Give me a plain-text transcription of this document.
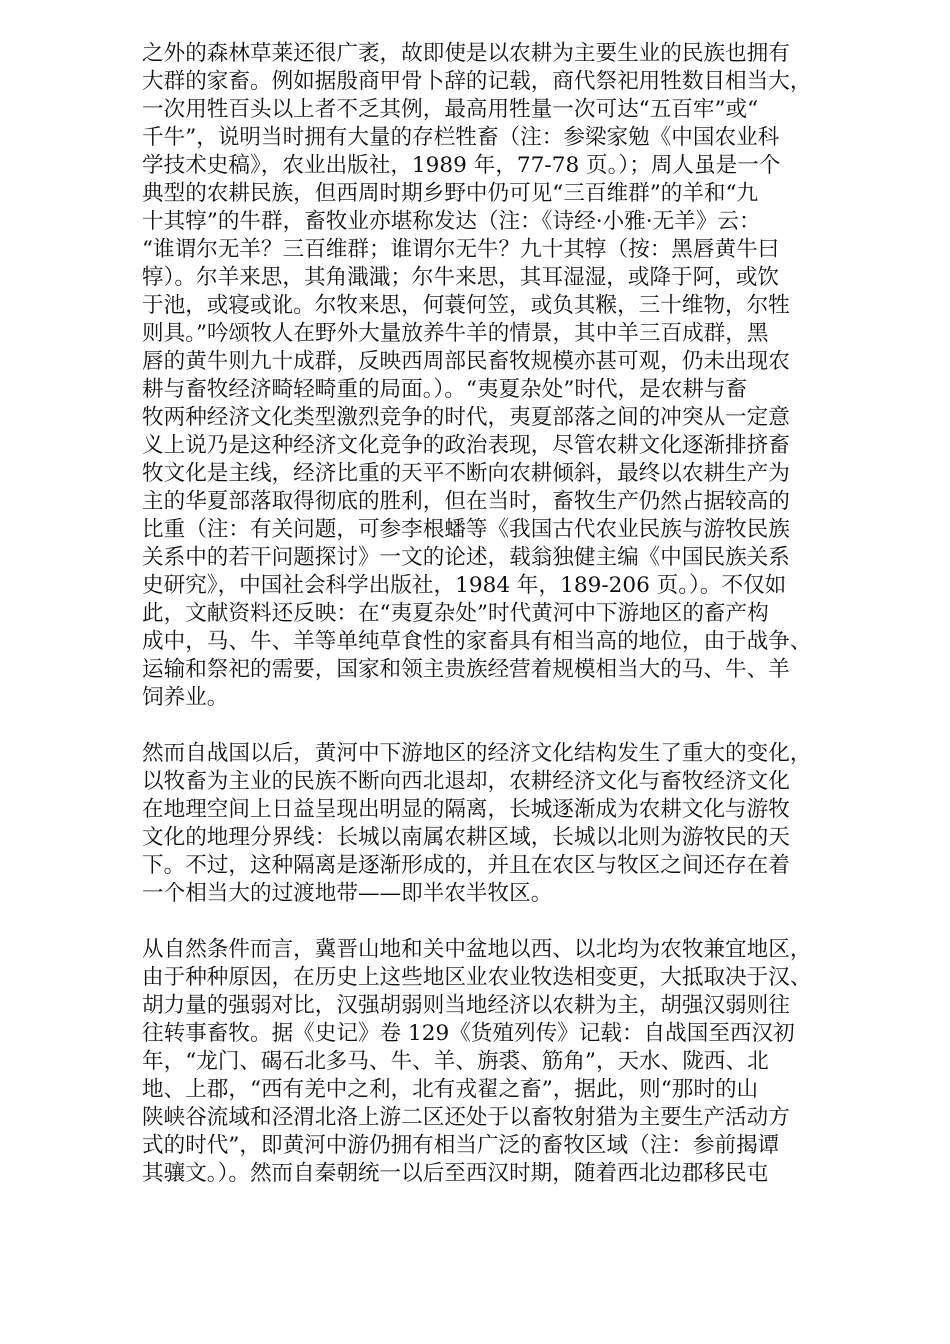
之外的森林草莱还很广袤，故即使是以农耕为主要生业的民族也拥有
大群的家畜。例如据殷商甲骨卜辞的记载，商代祭祀用牲数目相当大，
一次用牲百头以上者不乏其例，最高用牲量一次可达“五百牢”或“
千牛”，说明当时拥有大量的存栏牲畜（注：参梁家勉《中国农业科
学技术史稿》，农业出版社，1989 年，77-78 页。）；周人虽是一个
典型的农耕民族，但西周时期乡野中仍可见“三百维群”的羊和“九
十其犉”的牛群，畜牧业亦堪称发达（注：《诗经·小雅·无羊》云：
“谁谓尔无羊？三百维群；谁谓尔无牛？九十其犉（按：黑唇黄牛曰
犉）。尔羊来思，其角濈濈；尔牛来思，其耳湿湿，或降于阿，或饮
于池，或寝或讹。尔牧来思，何蓑何笠，或负其糇，三十维物，尔牲
则具。”吟颂牧人在野外大量放养牛羊的情景，其中羊三百成群，黑
唇的黄牛则九十成群，反映西周部民畜牧规模亦甚可观，仍未出现农
耕与畜牧经济畸轻畸重的局面。）。“夷夏杂处”时代，是农耕与畜
牧两种经济文化类型激烈竞争的时代，夷夏部落之间的冲突从一定意
义上说乃是这种经济文化竞争的政治表现，尽管农耕文化逐渐排挤畜
牧文化是主线，经济比重的天平不断向农耕倾斜，最终以农耕生产为
主的华夏部落取得彻底的胜利，但在当时，畜牧生产仍然占据较高的
比重（注：有关问题，可参李根蟠等《我国古代农业民族与游牧民族
关系中的若干问题探讨》一文的论述，载翁独健主编《中国民族关系
史研究》，中国社会科学出版社，1984 年，189-206 页。）。不仅如
此，文献资料还反映：在“夷夏杂处”时代黄河中下游地区的畜产构
成中，马、牛、羊等单纯草食性的家畜具有相当高的地位，由于战争、
运输和祭祀的需要，国家和领主贵族经营着规模相当大的马、牛、羊
饲养业。
然而自战国以后，黄河中下游地区的经济文化结构发生了重大的变化，
以牧畜为主业的民族不断向西北退却，农耕经济文化与畜牧经济文化
在地理空间上日益呈现出明显的隔离，长城逐渐成为农耕文化与游牧
文化的地理分界线：长城以南属农耕区域，长城以北则为游牧民的天
下。不过，这种隔离是逐渐形成的，并且在农区与牧区之间还存在着
一个相当大的过渡地带——即半农半牧区。
从自然条件而言，冀晋山地和关中盆地以西、以北均为农牧兼宜地区，
由于种种原因，在历史上这些地区业农业牧迭相变更，大抵取决于汉、
胡力量的强弱对比，汉强胡弱则当地经济以农耕为主，胡强汉弱则往
往转事畜牧。据《史记》卷 129《货殖列传》记载：自战国至西汉初
年，“龙门、碣石北多马、牛、羊、旃裘、筋角”，天水、陇西、北
地、上郡，“西有羌中之利，北有戎翟之畜”，据此，则“那时的山
陕峡谷流域和泾渭北洛上游二区还处于以畜牧射猎为主要生产活动方
式的时代”，即黄河中游仍拥有相当广泛的畜牧区域（注：参前揭谭
其骧文。）。然而自秦朝统一以后至西汉时期，随着西北边郡移民屯
